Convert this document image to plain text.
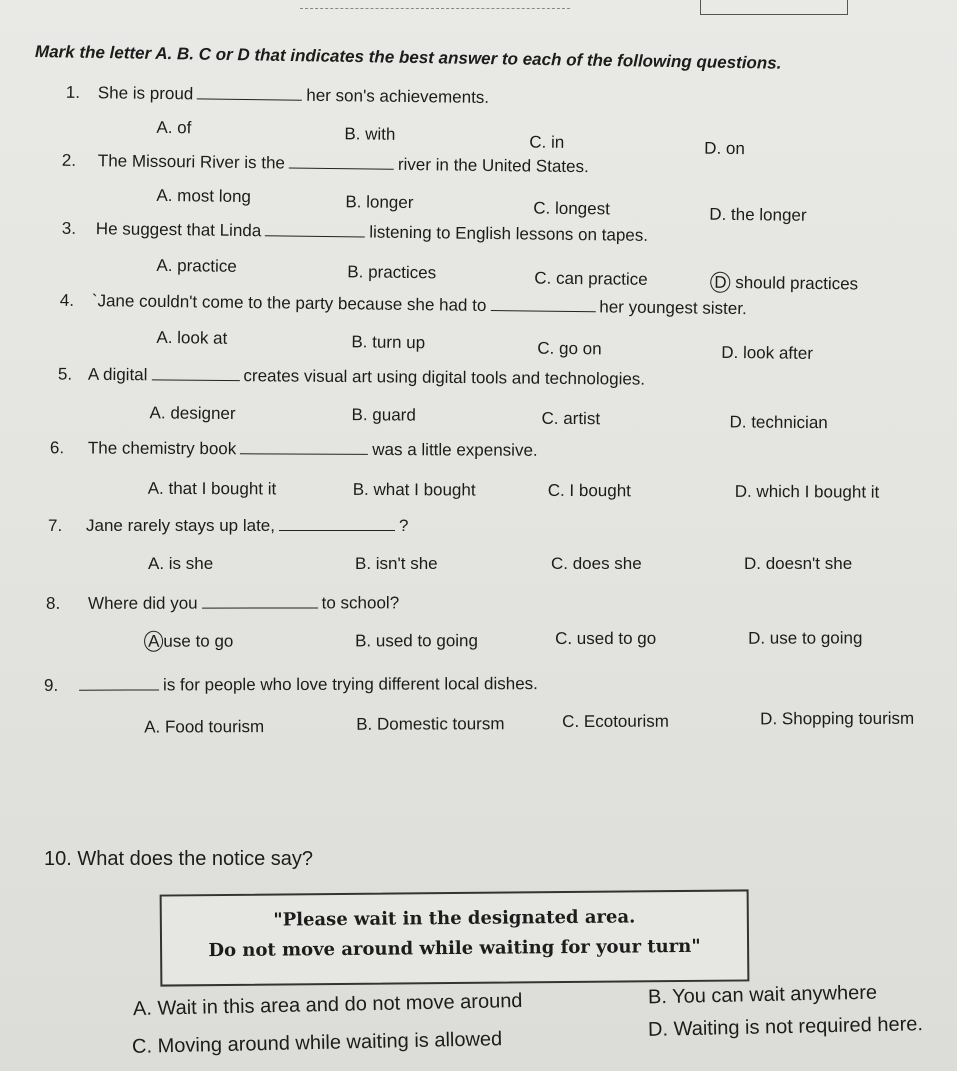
Mark the letter A. B. C or D that indicates the best answer to each of the following questions.
1. She is proud	her son's achievements.
A. of	B. with	C. in	D. on
2. The Missouri River is the	river in the United States.
A. most long	B. longer	C. longest	D. the longer
3. He suggest that Linda	listening to English lessons on tapes.
A. practice	B. practices	C. can practice	D should practices
4. `Jane couldn't come to the party because she had to	her youngest sister.
A. look at	B. turn up	C. go on	D. look after
5. A digital	creates visual art using digital tools and technologies.
A. designer	B. guard	C. artist	D. technician
6. The chemistry book	was a little expensive.
A. that I bought it	B. what I bought	C. I bought	D. which I bought it
7. Jane rarely stays up late,	?
A. is she	B. isn't she	C. does she	D. doesn't she
8. Where did you	to school?
A use to go	B. used to going	C. used to go	D. use to going
9.	is for people who love trying different local dishes.
A. Food tourism	B. Domestic toursm	C. Ecotourism	D. Shopping tourism
10. What does the notice say?
"Please wait in the designated area.
Do not move around while waiting for your turn"
A. Wait in this area and do not move around	B. You can wait anywhere
C. Moving around while waiting is allowed
D. Waiting is not required here.
